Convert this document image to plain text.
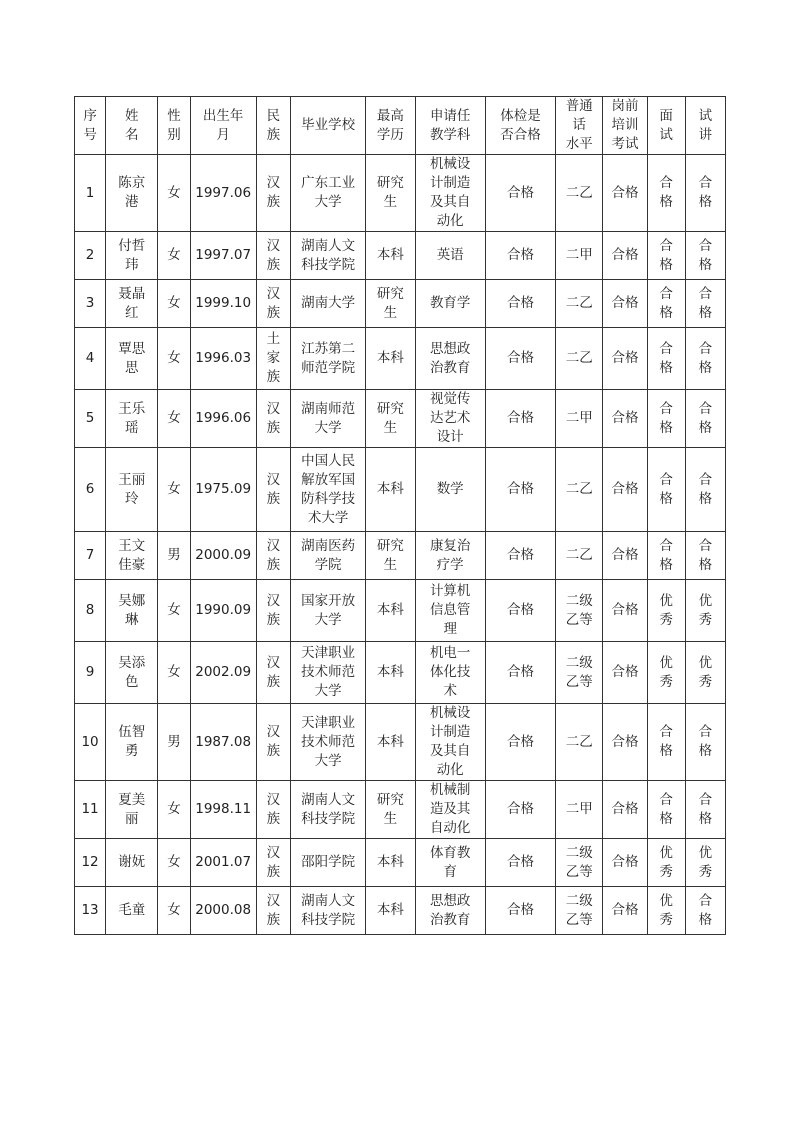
序
号	姓
名	性
别	出生年
月	民
族	毕业学校	最高
学历	申请任
教学科	体检是
否合格	普通
话
水平	岗前
培训
考试	面
试	试
讲
1	陈京
港	女	1997.06	汉
族	广东工业
大学	研究
生	机械设
计制造
及其自
动化	合格	二乙	合格	合
格	合
格
2	付哲
玮	女	1997.07	汉
族	湖南人文
科技学院	本科	英语	合格	二甲	合格	合
格	合
格
3	聂晶
红	女	1999.10	汉
族	湖南大学	研究
生	教育学	合格	二乙	合格	合
格	合
格
4	覃思
思	女	1996.03	土
家
族	江苏第二
师范学院	本科	思想政
治教育	合格	二乙	合格	合
格	合
格
5	王乐
瑶	女	1996.06	汉
族	湖南师范
大学	研究
生	视觉传
达艺术
设计	合格	二甲	合格	合
格	合
格
6	王丽
玲	女	1975.09	汉
族	中国人民
解放军国
防科学技
术大学	本科	数学	合格	二乙	合格	合
格	合
格
7	王文
佳豪	男	2000.09	汉
族	湖南医药
学院	研究
生	康复治
疗学	合格	二乙	合格	合
格	合
格
8	吴娜
琳	女	1990.09	汉
族	国家开放
大学	本科	计算机
信息管
理	合格	二级
乙等	合格	优
秀	优
秀
9	吴添
色	女	2002.09	汉
族	天津职业
技术师范
大学	本科	机电一
体化技
术	合格	二级
乙等	合格	优
秀	优
秀
10	伍智
勇	男	1987.08	汉
族	天津职业
技术师范
大学	本科	机械设
计制造
及其自
动化	合格	二乙	合格	合
格	合
格
11	夏美
丽	女	1998.11	汉
族	湖南人文
科技学院	研究
生	机械制
造及其
自动化	合格	二甲	合格	合
格	合
格
12	谢妩	女	2001.07	汉
族	邵阳学院	本科	体育教
育	合格	二级
乙等	合格	优
秀	优
秀
13	毛童	女	2000.08	汉
族	湖南人文
科技学院	本科	思想政
治教育	合格	二级
乙等	合格	优
秀	合
格
